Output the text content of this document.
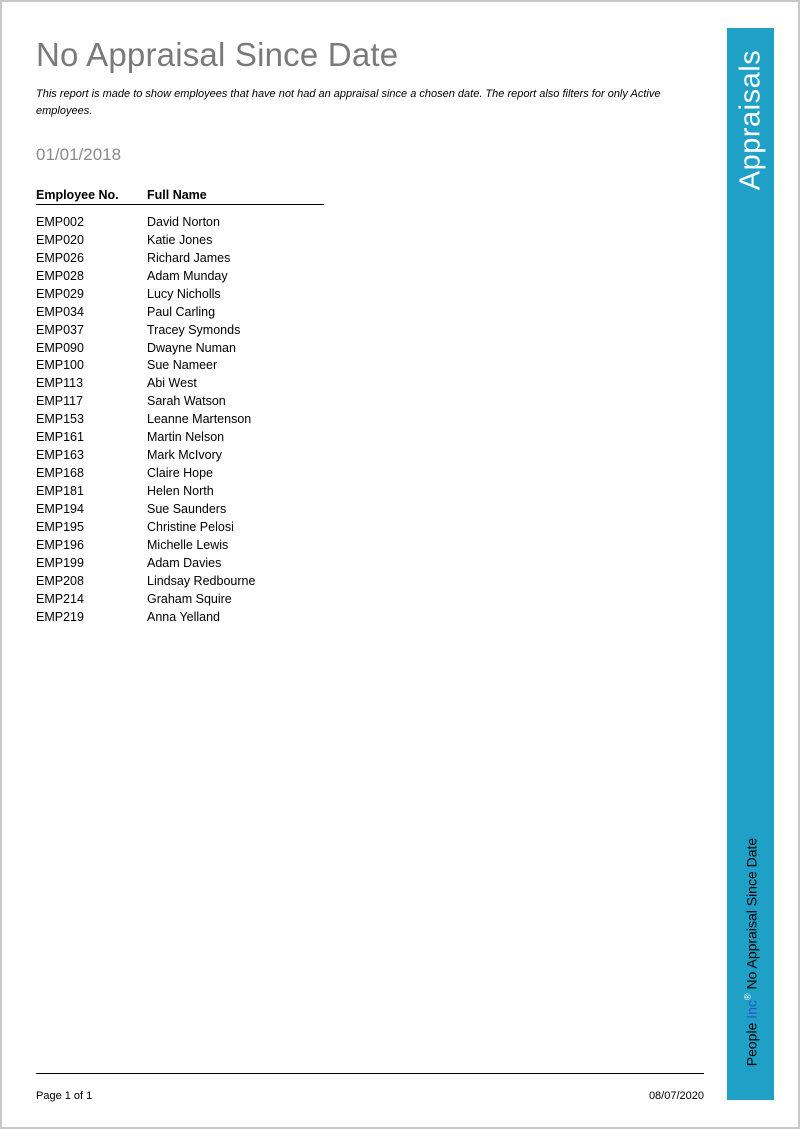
No Appraisal Since Date
This report is made to show employees that have not had an appraisal since a chosen date. The report also filters for only Active employees.
01/01/2018
Employee No.	Full Name
EMP002	David Norton
EMP020	Katie Jones
EMP026	Richard James
EMP028	Adam Munday
EMP029	Lucy Nicholls
EMP034	Paul Carling
EMP037	Tracey Symonds
EMP090	Dwayne Numan
EMP100	Sue Nameer
EMP113	Abi West
EMP117	Sarah Watson
EMP153	Leanne Martenson
EMP161	Martin Nelson
EMP163	Mark McIvory
EMP168	Claire Hope
EMP181	Helen North
EMP194	Sue Saunders
EMP195	Christine Pelosi
EMP196	Michelle Lewis
EMP199	Adam Davies
EMP208	Lindsay Redbourne
EMP214	Graham Squire
EMP219	Anna Yelland
Appraisals
People Inc® No Appraisal Since Date
Page 1 of 1	08/07/2020
